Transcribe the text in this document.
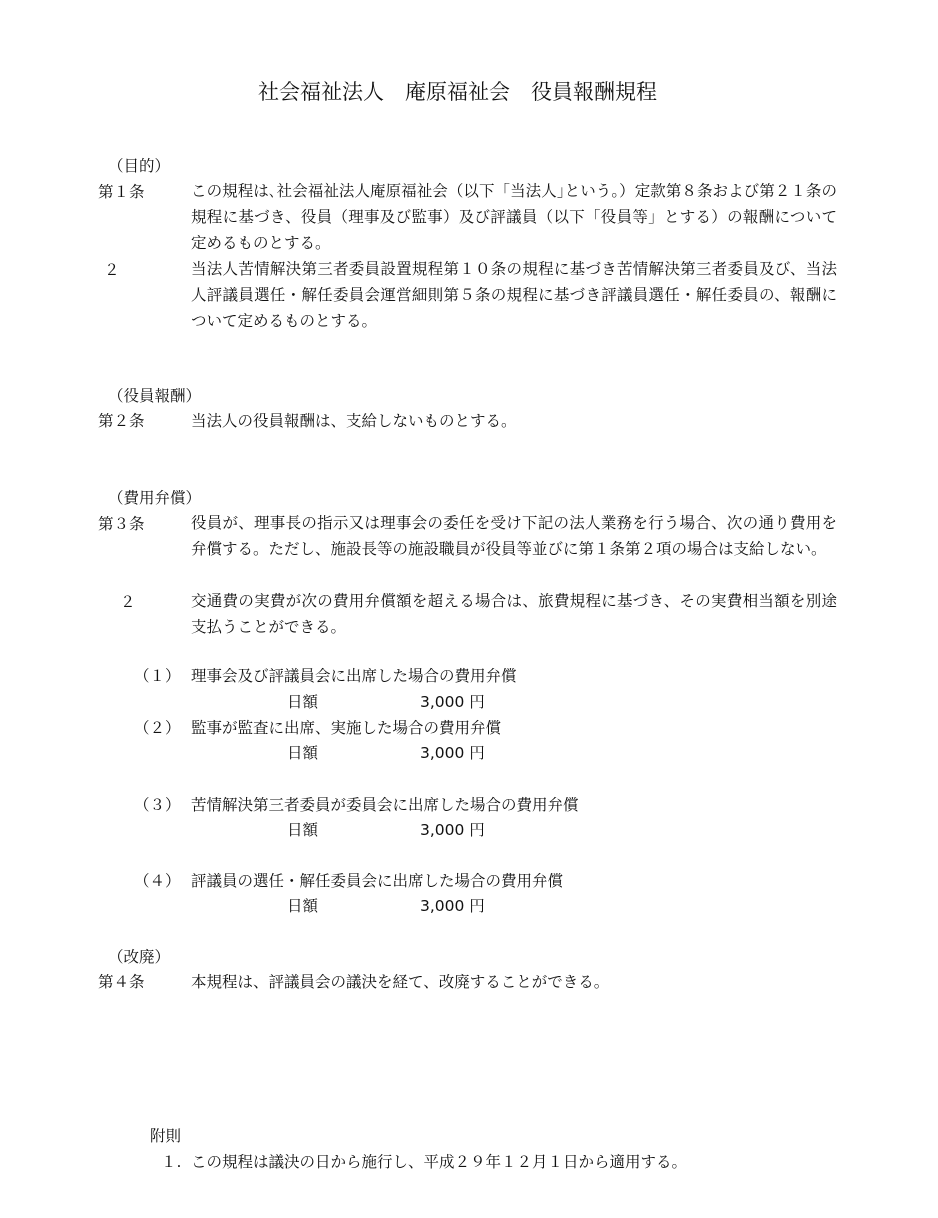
社会福祉法人　庵原福祉会　役員報酬規程
（目的）
第１条	この規程は､社会福祉法人庵原福祉会（以下「当法人｣という。）定款第８条および第２１条の規程に基づき、役員（理事及び監事）及び評議員（以下「役員等」とする）の報酬について定めるものとする。
２	当法人苦情解決第三者委員設置規程第１０条の規程に基づき苦情解決第三者委員及び、当法人評議員選任・解任委員会運営細則第５条の規程に基づき評議員選任・解任委員の、報酬について定めるものとする。
（役員報酬）
第２条	当法人の役員報酬は、支給しないものとする。
（費用弁償）
第３条	役員が、理事長の指示又は理事会の委任を受け下記の法人業務を行う場合、次の通り費用を弁償する。ただし、施設長等の施設職員が役員等並びに第１条第２項の場合は支給しない。
２	交通費の実費が次の費用弁償額を超える場合は、旅費規程に基づき、その実費相当額を別途支払うことができる。
（１） 理事会及び評議員会に出席した場合の費用弁償
日額	3,000 円
（２） 監事が監査に出席、実施した場合の費用弁償
日額	3,000 円
（３） 苦情解決第三者委員が委員会に出席した場合の費用弁償
日額	3,000 円
（４） 評議員の選任・解任委員会に出席した場合の費用弁償
日額	3,000 円
（改廃）
第４条	本規程は、評議員会の議決を経て、改廃することができる。
附則
１. この規程は議決の日から施行し、平成２９年１２月１日から適用する。
